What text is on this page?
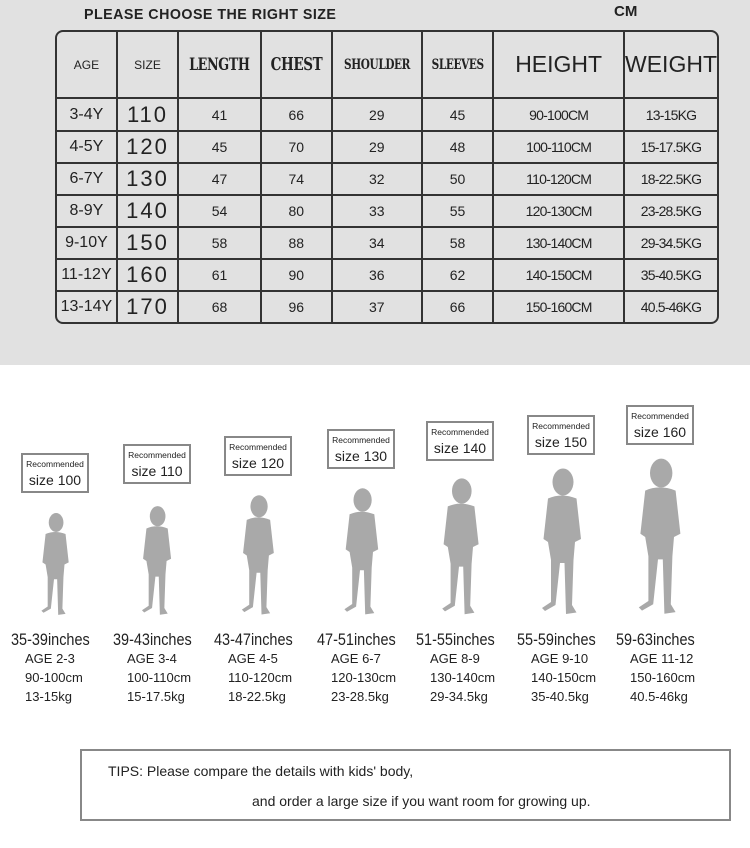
PLEASE CHOOSE THE RIGHT SIZE	CM
AGE	SIZE	LENGTH	CHEST	SHOULDER	SLEEVES	HEIGHT	WEIGHT
3-4Y	110	41	66	29	45	90-100CM	13-15KG
4-5Y	120	45	70	29	48	100-110CM	15-17.5KG
6-7Y	130	47	74	32	50	110-120CM	18-22.5KG
8-9Y	140	54	80	33	55	120-130CM	23-28.5KG
9-10Y	150	58	88	34	58	130-140CM	29-34.5KG
11-12Y	160	61	90	36	62	140-150CM	35-40.5KG
13-14Y	170	68	96	37	66	150-160CM	40.5-46KG
Recommended
size 100
35-39inches
AGE 2-3
90-100cm
13-15kg
Recommended
size 110
39-43inches
AGE 3-4
100-110cm
15-17.5kg
Recommended
size 120
43-47inches
AGE 4-5
110-120cm
18-22.5kg
Recommended
size 130
47-51inches
AGE 6-7
120-130cm
23-28.5kg
Recommended
size 140
51-55inches
AGE 8-9
130-140cm
29-34.5kg
Recommended
size 150
55-59inches
AGE 9-10
140-150cm
35-40.5kg
Recommended
size 160
59-63inches
AGE 11-12
150-160cm
40.5-46kg
TIPS: Please compare the details with kids' body,
and order a large size if you want room for growing up.
